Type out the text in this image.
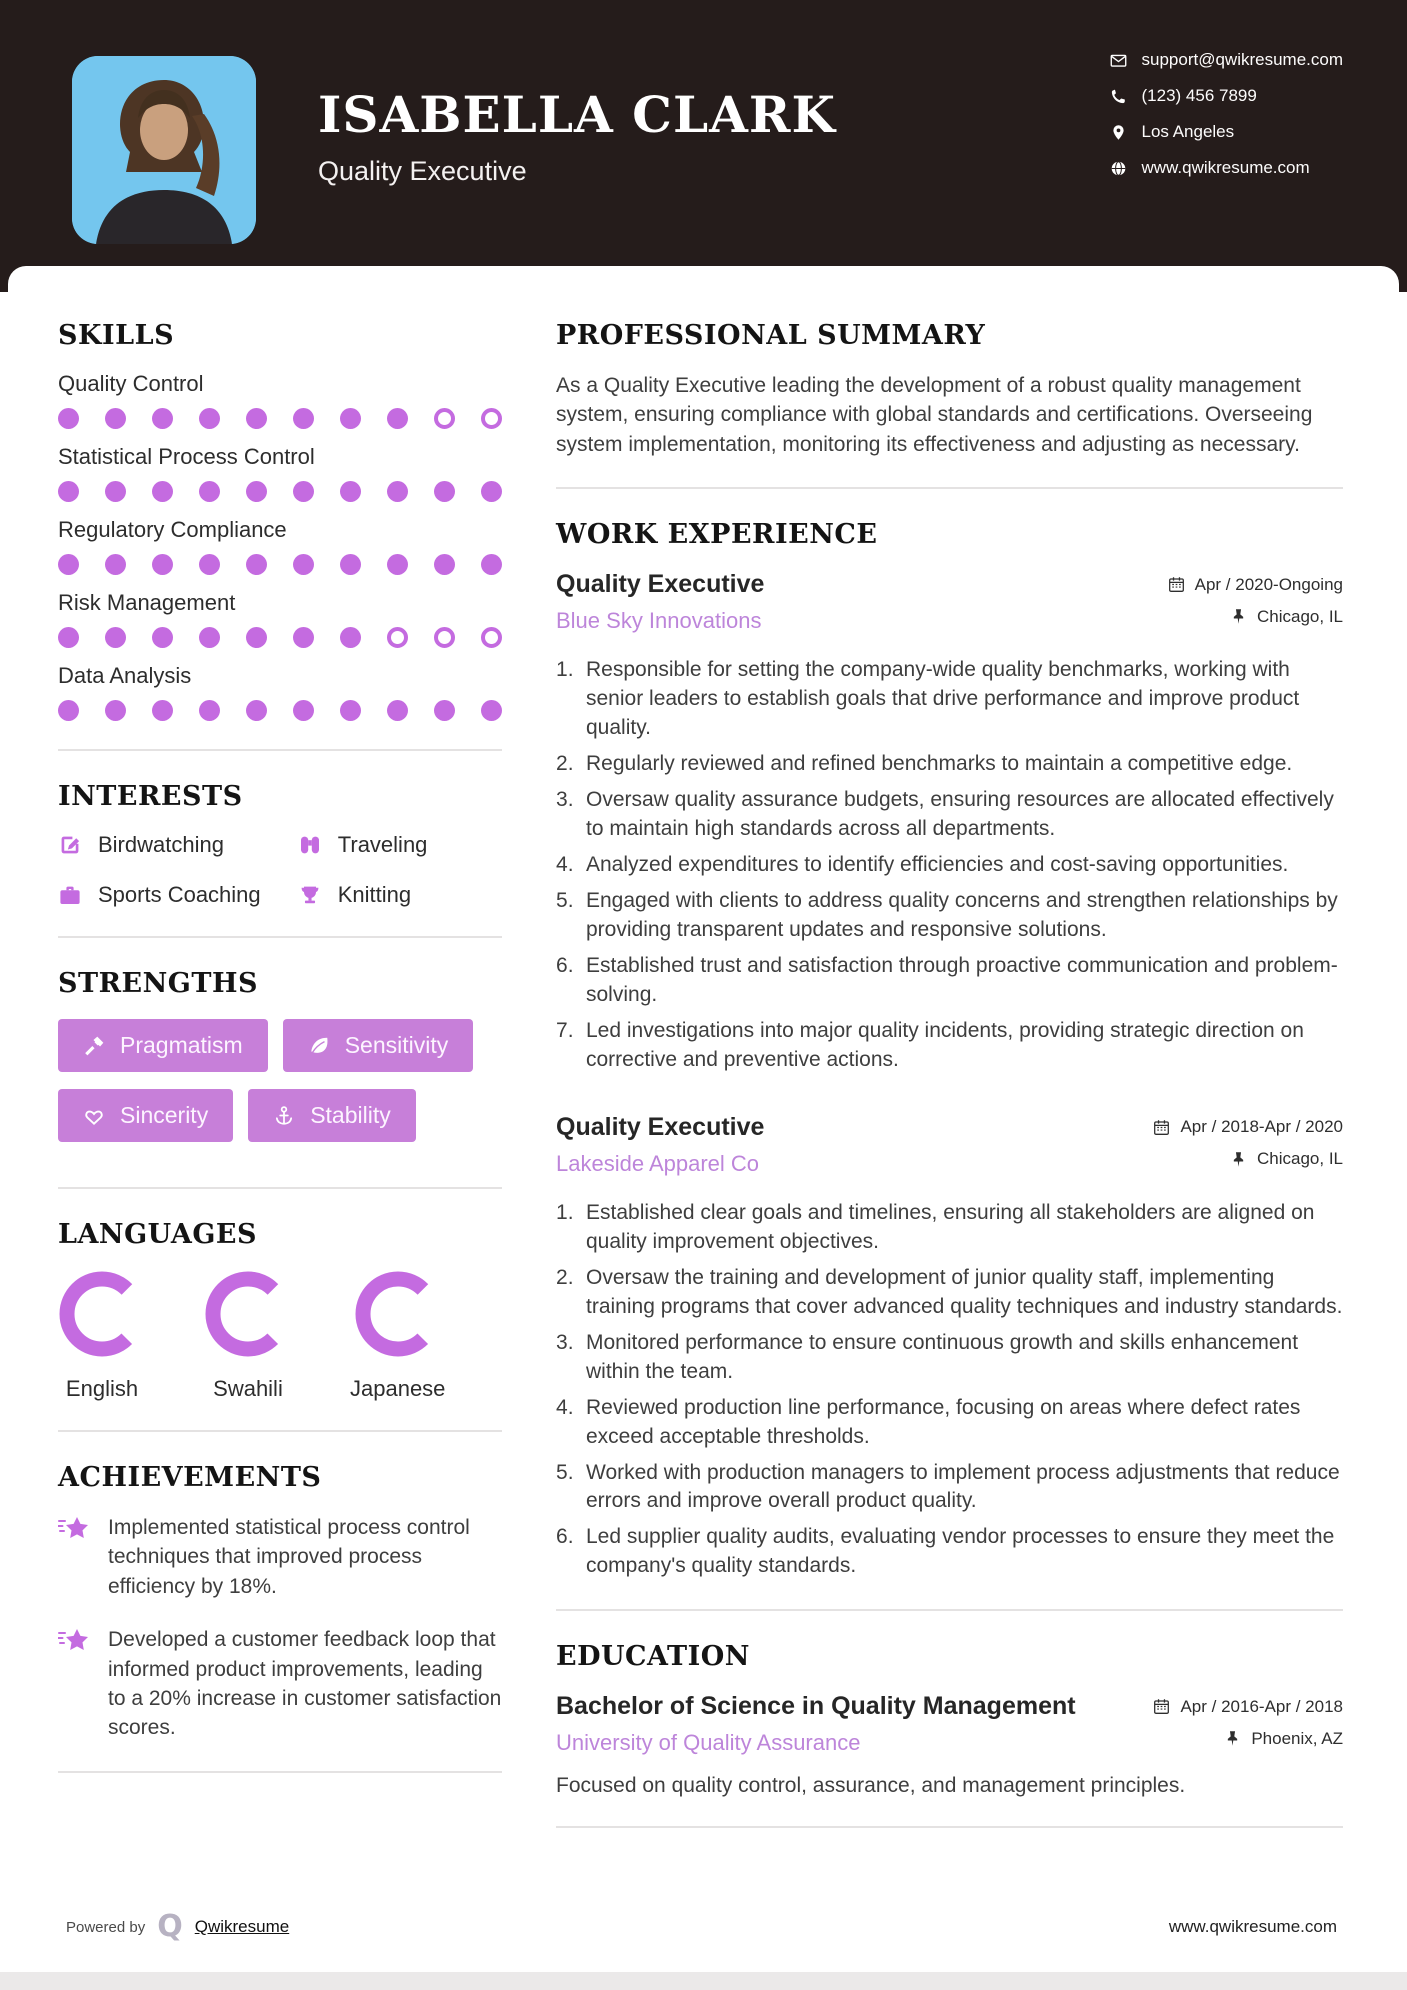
ISABELLA CLARK
Quality Executive
support@qwikresume.com
(123) 456 7899
Los Angeles
www.qwikresume.com
SKILLS
Quality Control
Statistical Process Control
Regulatory Compliance
Risk Management
Data Analysis
INTERESTS
Birdwatching	Traveling
Sports Coaching	Knitting
STRENGTHS
Pragmatism	Sensitivity
Sincerity	Stability
LANGUAGES
English	Swahili	Japanese
ACHIEVEMENTS
Implemented statistical process control techniques that improved process efficiency by 18%.
Developed a customer feedback loop that informed product improvements, leading to a 20% increase in customer satisfaction scores.
PROFESSIONAL SUMMARY

As a Quality Executive leading the development of a robust quality management system, ensuring compliance with global standards and certifications. Overseeing system implementation, monitoring its effectiveness and adjusting as necessary.

WORK EXPERIENCE
Quality Executive	Apr / 2020-Ongoing
Blue Sky Innovations	Chicago, IL
Responsible for setting the company-wide quality benchmarks, working with senior leaders to establish goals that drive performance and improve product quality.
Regularly reviewed and refined benchmarks to maintain a competitive edge.
Oversaw quality assurance budgets, ensuring resources are allocated effectively to maintain high standards across all departments.
Analyzed expenditures to identify efficiencies and cost-saving opportunities.
Engaged with clients to address quality concerns and strengthen relationships by providing transparent updates and responsive solutions.
Established trust and satisfaction through proactive communication and problem-solving.
Led investigations into major quality incidents, providing strategic direction on corrective and preventive actions.
Quality Executive	Apr / 2018-Apr / 2020
Lakeside Apparel Co	Chicago, IL
Established clear goals and timelines, ensuring all stakeholders are aligned on quality improvement objectives.
Oversaw the training and development of junior quality staff, implementing training programs that cover advanced quality techniques and industry standards.
Monitored performance to ensure continuous growth and skills enhancement within the team.
Reviewed production line performance, focusing on areas where defect rates exceed acceptable thresholds.
Worked with production managers to implement process adjustments that reduce errors and improve overall product quality.
Led supplier quality audits, evaluating vendor processes to ensure they meet the company's quality standards.
EDUCATION
Bachelor of Science in Quality Management	Apr / 2016-Apr / 2018
University of Quality Assurance	Phoenix, AZ

Focused on quality control, assurance, and management principles.

Powered by Q Qwikresume	www.qwikresume.com
